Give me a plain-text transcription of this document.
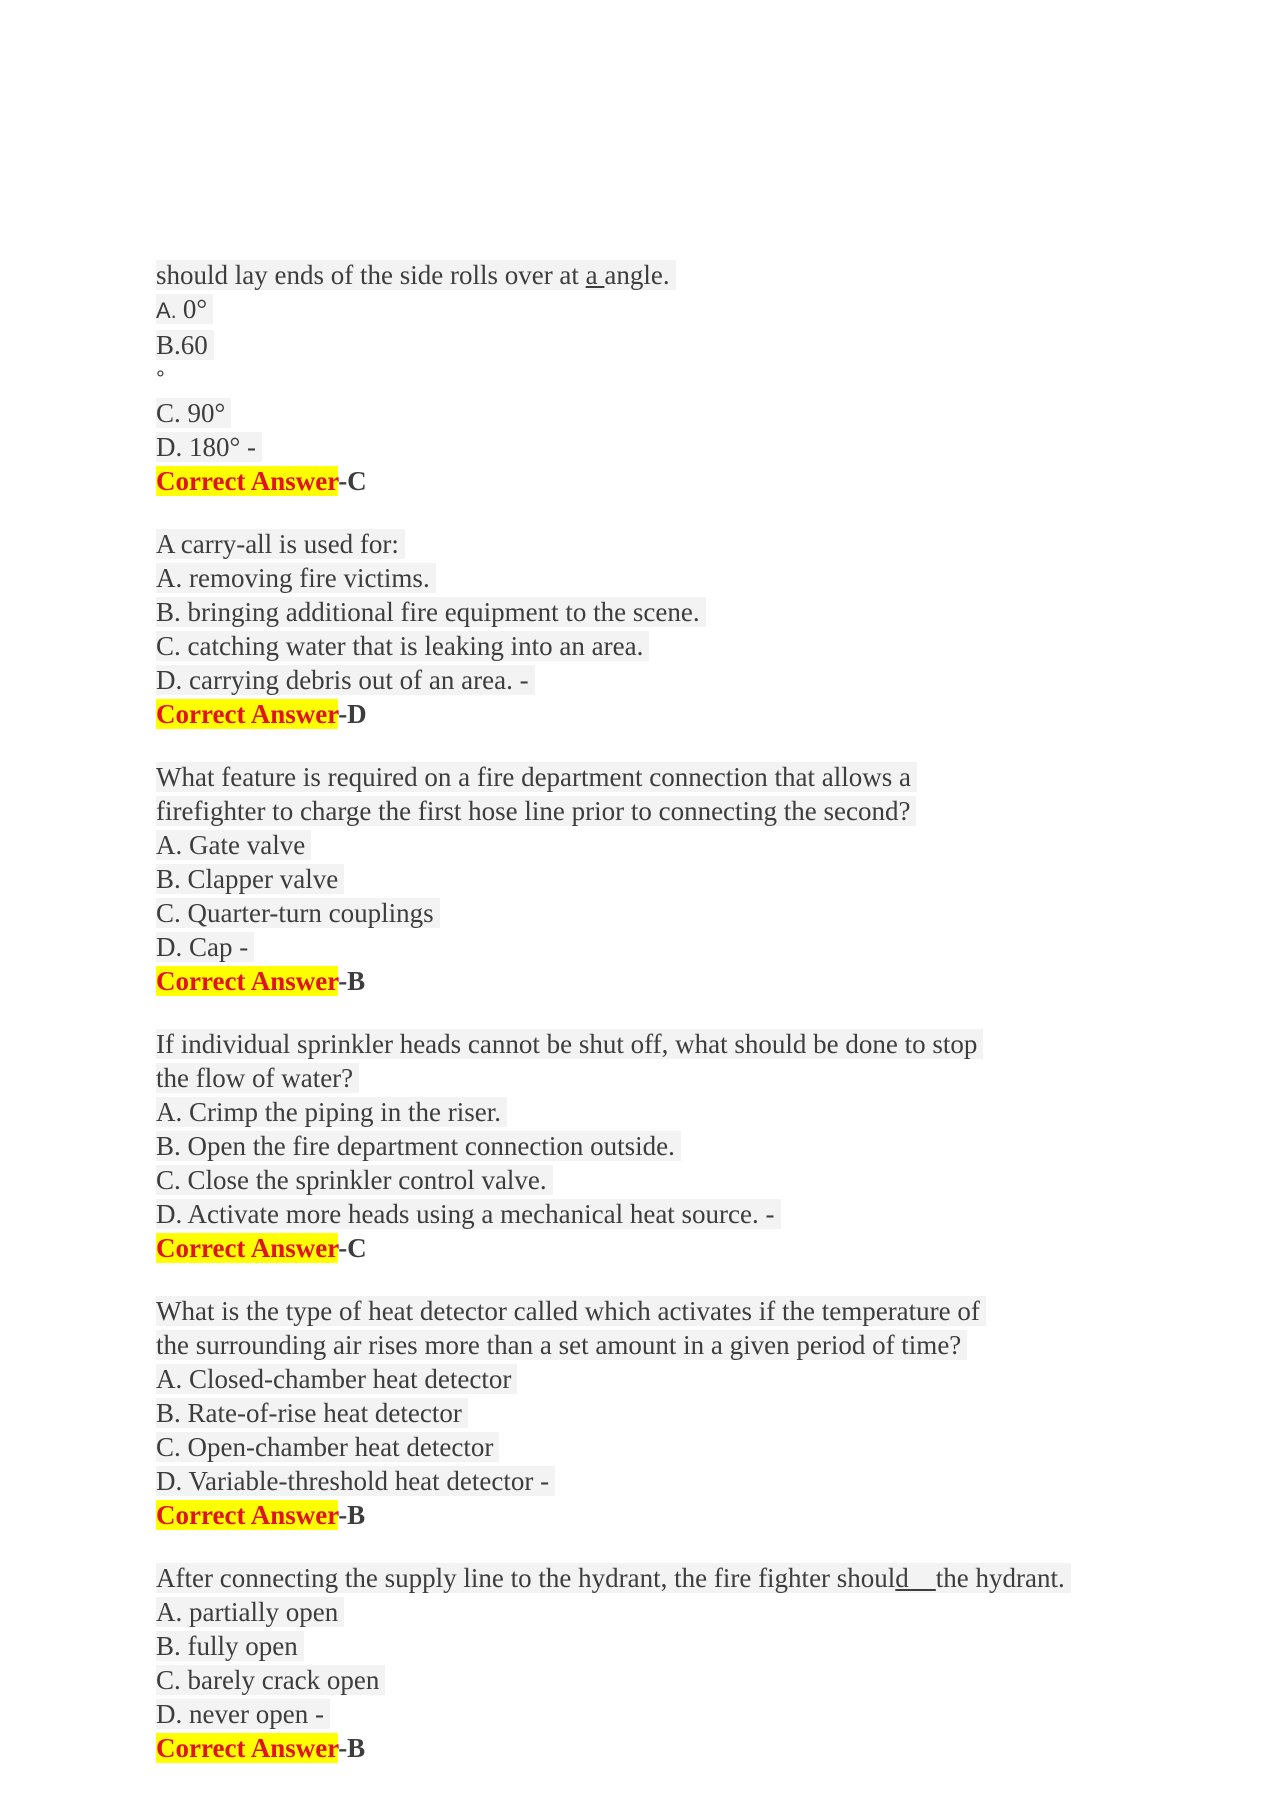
should lay ends of the side rolls over at a angle.
A. 0°
B.60
°
C. 90°
D. 180° -
Correct Answer-C
A carry-all is used for:
A. removing fire victims.
B. bringing additional fire equipment to the scene.
C. catching water that is leaking into an area.
D. carrying debris out of an area. -
Correct Answer-D
What feature is required on a fire department connection that allows a
firefighter to charge the first hose line prior to connecting the second?
A. Gate valve
B. Clapper valve
C. Quarter-turn couplings
D. Cap -
Correct Answer-B
If individual sprinkler heads cannot be shut off, what should be done to stop
the flow of water?
A. Crimp the piping in the riser.
B. Open the fire department connection outside.
C. Close the sprinkler control valve.
D. Activate more heads using a mechanical heat source. -
Correct Answer-C
What is the type of heat detector called which activates if the temperature of
the surrounding air rises more than a set amount in a given period of time?
A. Closed-chamber heat detector
B. Rate-of-rise heat detector
C. Open-chamber heat detector
D. Variable-threshold heat detector -
Correct Answer-B
After connecting the supply line to the hydrant, the fire fighter should    the hydrant.
A. partially open
B. fully open
C. barely crack open
D. never open -
Correct Answer-B
